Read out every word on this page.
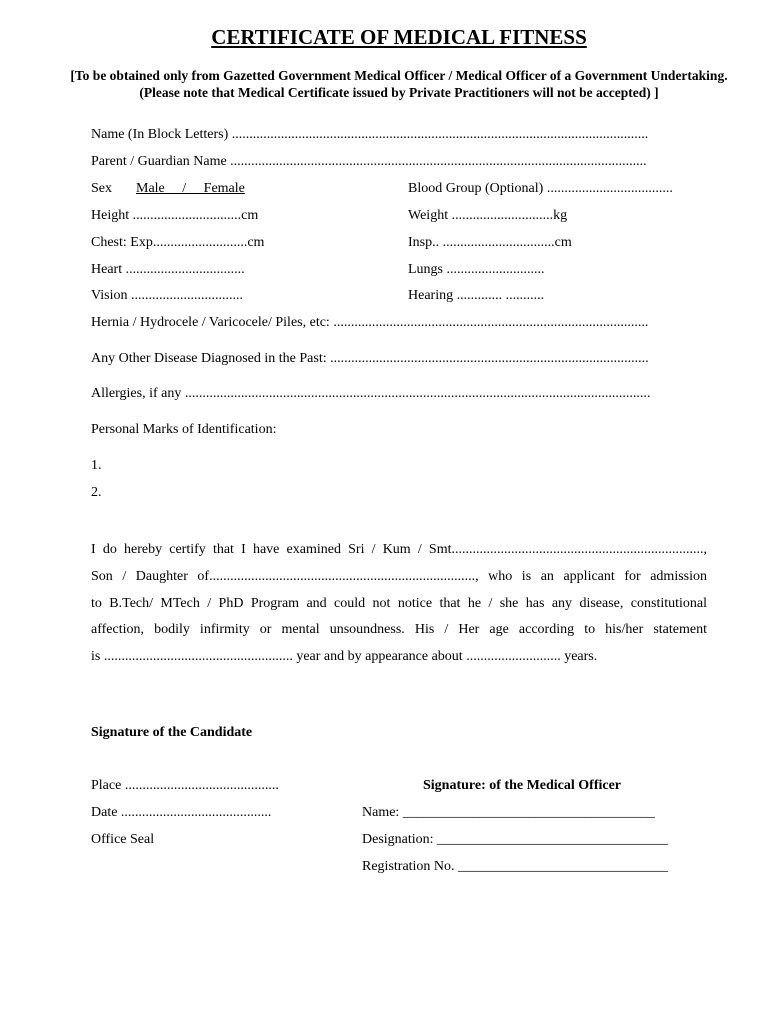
CERTIFICATE OF MEDICAL FITNESS
[To be obtained only from Gazetted Government Medical Officer / Medical Officer of a Government Undertaking. (Please note that Medical Certificate issued by Private Practitioners will not be accepted) ]
Name (In Block Letters) .......................................................................................................................
Parent / Guardian Name .......................................................................................................................
Sex Male     /     Female	Blood Group (Optional) ....................................
Height ...............................cm	Weight .............................kg
Chest: Exp...........................cm	Insp.. ................................cm
Heart ..................................	Lungs ............................
Vision ................................	Hearing ............. ...........
Hernia / Hydrocele / Varicocele/ Piles, etc: ..........................................................................................
Any Other Disease Diagnosed in the Past: ...........................................................................................
Allergies, if any .....................................................................................................................................
Personal Marks of Identification:
1.
2.
I do hereby certify that I have examined Sri / Kum / Smt........................................................................,
Son / Daughter of............................................................................, who is an applicant for admission
to B.Tech/ MTech / PhD Program and could not notice that he / she has any disease, constitutional
affection, bodily infirmity or mental unsoundness. His / Her age according to his/her statement
is ...................................................... year and by appearance about ........................... years.
Signature of the Candidate
Place ............................................	Signature: of the Medical Officer
Date ...........................................	Name: ____________________________________
Office Seal	Designation: _________________________________
Registration No. ______________________________
